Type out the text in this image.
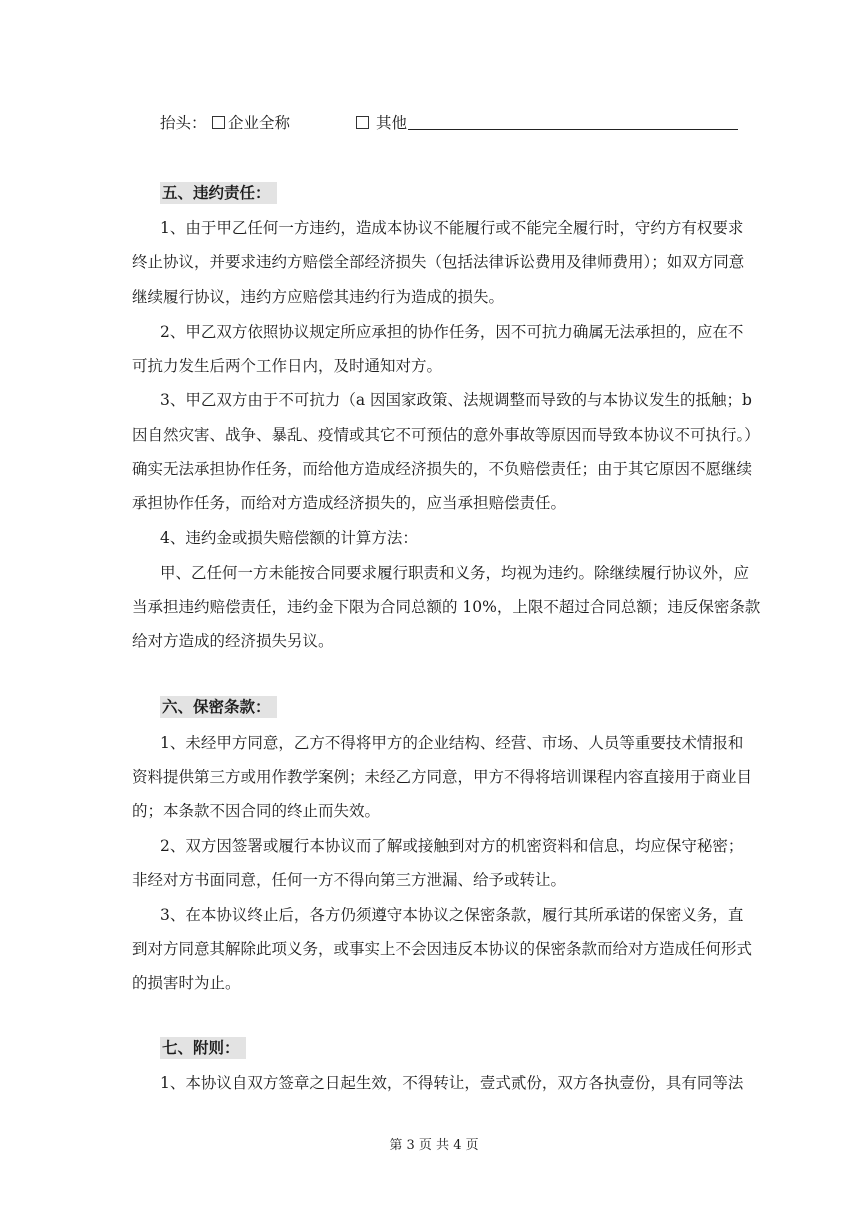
抬头：	企业全称	其他
五、违约责任：
1、由于甲乙任何一方违约，造成本协议不能履行或不能完全履行时，守约方有权要求
终止协议，并要求违约方赔偿全部经济损失（包括法律诉讼费用及律师费用）；如双方同意
继续履行协议，违约方应赔偿其违约行为造成的损失。
2、甲乙双方依照协议规定所应承担的协作任务，因不可抗力确属无法承担的，应在不
可抗力发生后两个工作日内，及时通知对方。
3、甲乙双方由于不可抗力（a 因国家政策、法规调整而导致的与本协议发生的抵触；b
因自然灾害、战争、暴乱、疫情或其它不可预估的意外事故等原因而导致本协议不可执行。）
确实无法承担协作任务，而给他方造成经济损失的，不负赔偿责任；由于其它原因不愿继续
承担协作任务，而给对方造成经济损失的，应当承担赔偿责任。
4、违约金或损失赔偿额的计算方法：
甲、乙任何一方未能按合同要求履行职责和义务，均视为违约。除继续履行协议外，应
当承担违约赔偿责任，违约金下限为合同总额的 10%，上限不超过合同总额；违反保密条款
给对方造成的经济损失另议。
六、保密条款：
1、未经甲方同意，乙方不得将甲方的企业结构、经营、市场、人员等重要技术情报和
资料提供第三方或用作教学案例；未经乙方同意，甲方不得将培训课程内容直接用于商业目
的；本条款不因合同的终止而失效。
2、双方因签署或履行本协议而了解或接触到对方的机密资料和信息，均应保守秘密；
非经对方书面同意，任何一方不得向第三方泄漏、给予或转让。
3、在本协议终止后，各方仍须遵守本协议之保密条款，履行其所承诺的保密义务，直
到对方同意其解除此项义务，或事实上不会因违反本协议的保密条款而给对方造成任何形式
的损害时为止。
七、附则：
1、本协议自双方签章之日起生效，不得转让，壹式贰份，双方各执壹份，具有同等法
第 3 页 共 4 页
